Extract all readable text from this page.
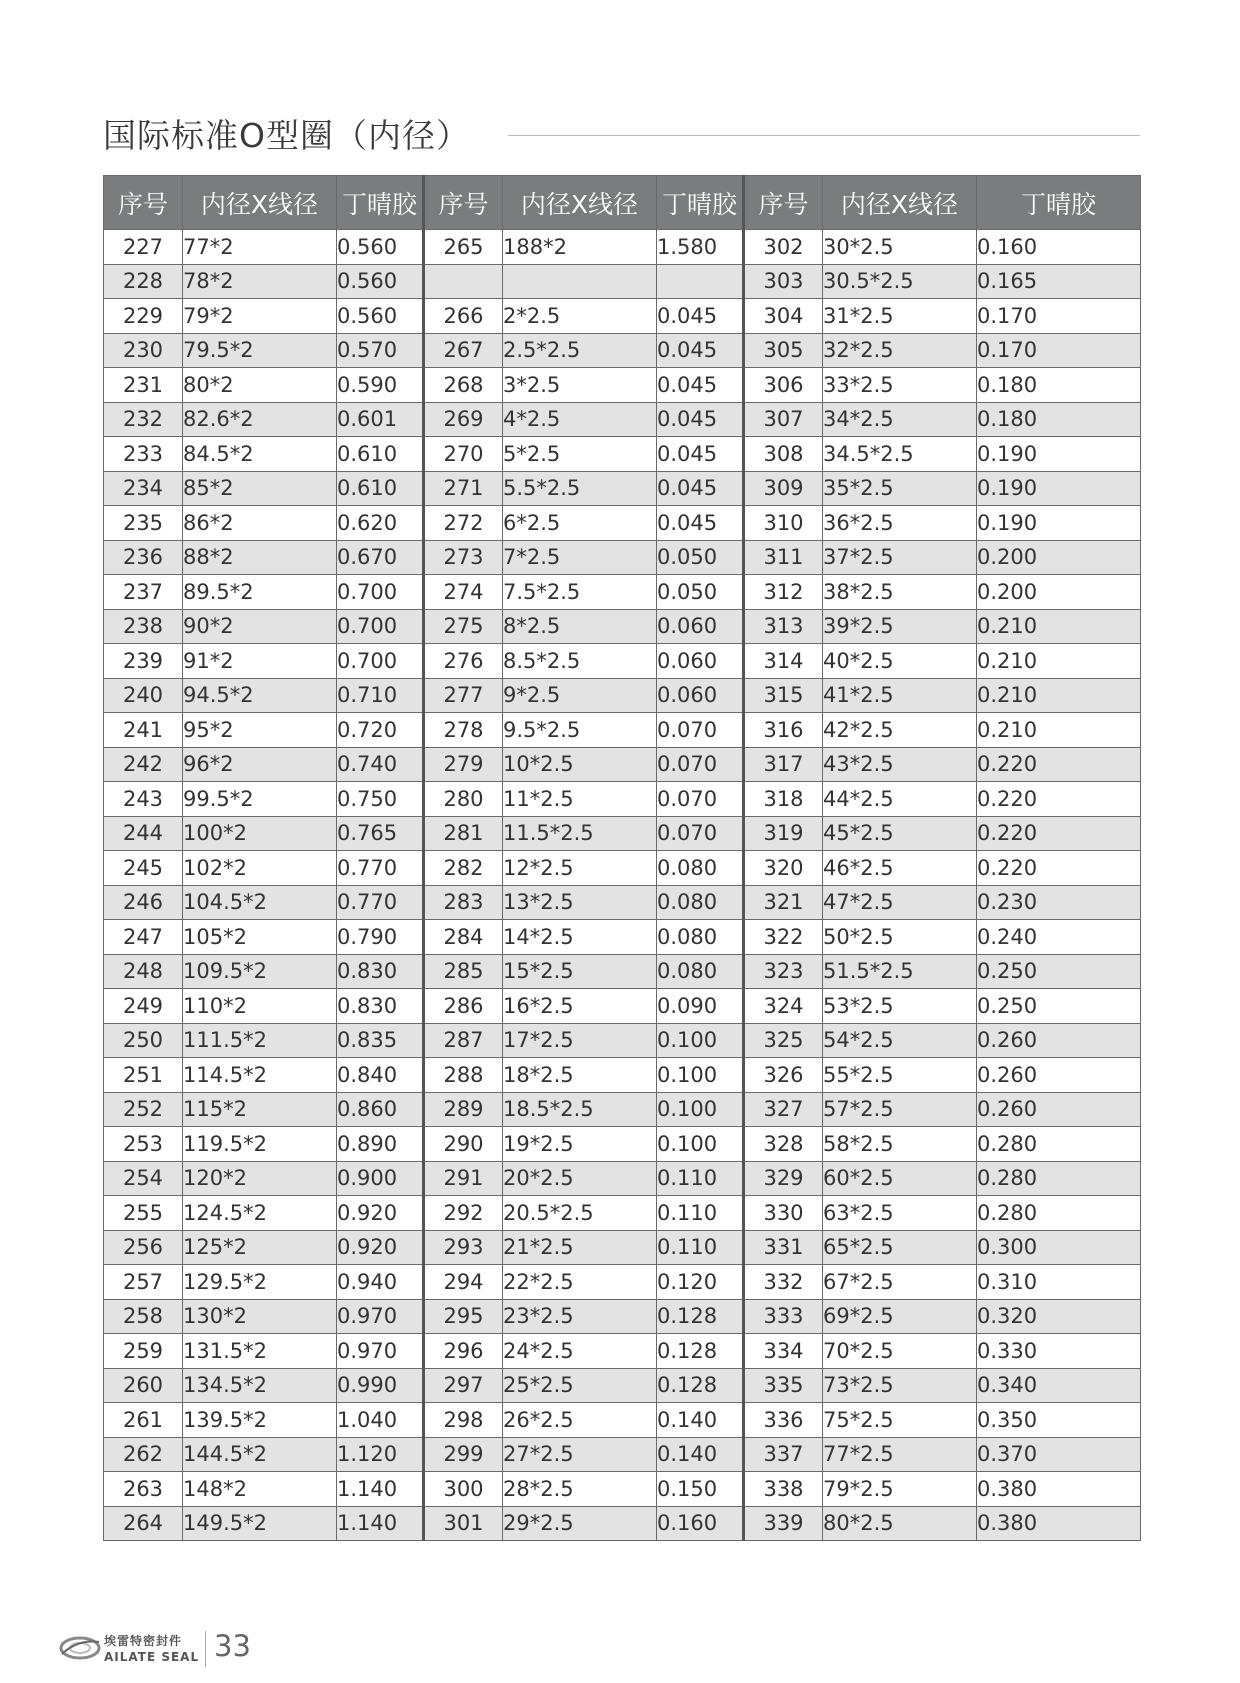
国际标准O型圈（内径）
序号	内径X线径	丁晴胶	序号	内径X线径	丁晴胶	序号	内径X线径	丁晴胶
227	77*2	0.560	265	188*2	1.580	302	30*2.5	0.160
228	78*2	0.560				303	30.5*2.5	0.165
229	79*2	0.560	266	2*2.5	0.045	304	31*2.5	0.170
230	79.5*2	0.570	267	2.5*2.5	0.045	305	32*2.5	0.170
231	80*2	0.590	268	3*2.5	0.045	306	33*2.5	0.180
232	82.6*2	0.601	269	4*2.5	0.045	307	34*2.5	0.180
233	84.5*2	0.610	270	5*2.5	0.045	308	34.5*2.5	0.190
234	85*2	0.610	271	5.5*2.5	0.045	309	35*2.5	0.190
235	86*2	0.620	272	6*2.5	0.045	310	36*2.5	0.190
236	88*2	0.670	273	7*2.5	0.050	311	37*2.5	0.200
237	89.5*2	0.700	274	7.5*2.5	0.050	312	38*2.5	0.200
238	90*2	0.700	275	8*2.5	0.060	313	39*2.5	0.210
239	91*2	0.700	276	8.5*2.5	0.060	314	40*2.5	0.210
240	94.5*2	0.710	277	9*2.5	0.060	315	41*2.5	0.210
241	95*2	0.720	278	9.5*2.5	0.070	316	42*2.5	0.210
242	96*2	0.740	279	10*2.5	0.070	317	43*2.5	0.220
243	99.5*2	0.750	280	11*2.5	0.070	318	44*2.5	0.220
244	100*2	0.765	281	11.5*2.5	0.070	319	45*2.5	0.220
245	102*2	0.770	282	12*2.5	0.080	320	46*2.5	0.220
246	104.5*2	0.770	283	13*2.5	0.080	321	47*2.5	0.230
247	105*2	0.790	284	14*2.5	0.080	322	50*2.5	0.240
248	109.5*2	0.830	285	15*2.5	0.080	323	51.5*2.5	0.250
249	110*2	0.830	286	16*2.5	0.090	324	53*2.5	0.250
250	111.5*2	0.835	287	17*2.5	0.100	325	54*2.5	0.260
251	114.5*2	0.840	288	18*2.5	0.100	326	55*2.5	0.260
252	115*2	0.860	289	18.5*2.5	0.100	327	57*2.5	0.260
253	119.5*2	0.890	290	19*2.5	0.100	328	58*2.5	0.280
254	120*2	0.900	291	20*2.5	0.110	329	60*2.5	0.280
255	124.5*2	0.920	292	20.5*2.5	0.110	330	63*2.5	0.280
256	125*2	0.920	293	21*2.5	0.110	331	65*2.5	0.300
257	129.5*2	0.940	294	22*2.5	0.120	332	67*2.5	0.310
258	130*2	0.970	295	23*2.5	0.128	333	69*2.5	0.320
259	131.5*2	0.970	296	24*2.5	0.128	334	70*2.5	0.330
260	134.5*2	0.990	297	25*2.5	0.128	335	73*2.5	0.340
261	139.5*2	1.040	298	26*2.5	0.140	336	75*2.5	0.350
262	144.5*2	1.120	299	27*2.5	0.140	337	77*2.5	0.370
263	148*2	1.140	300	28*2.5	0.150	338	79*2.5	0.380
264	149.5*2	1.140	301	29*2.5	0.160	339	80*2.5	0.380
埃雷特密封件
AILATE SEAL 33
